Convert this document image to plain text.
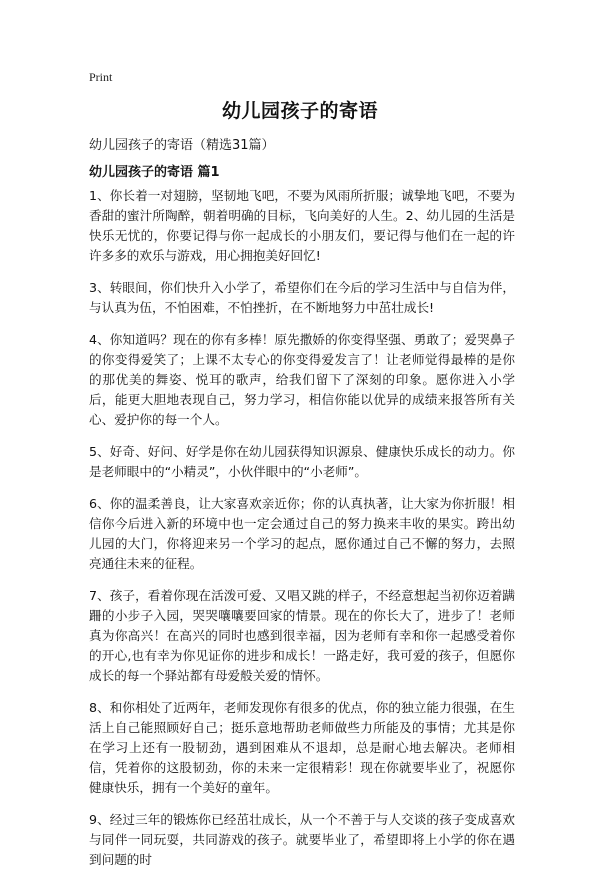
Print
幼儿园孩子的寄语

幼儿园孩子的寄语（精选31篇）

幼儿园孩子的寄语 篇1

1、你长着一对翅膀，坚韧地飞吧，不要为风雨所折服；诚挚地飞吧，不要为香甜的蜜汁所陶醉，朝着明确的目标，飞向美好的人生。2、幼儿园的生活是快乐无忧的，你要记得与你一起成长的小朋友们，要记得与他们在一起的许许多多的欢乐与游戏，用心拥抱美好回忆!

3、转眼间，你们快升入小学了，希望你们在今后的学习生活中与自信为伴，与认真为伍，不怕困难，不怕挫折，在不断地努力中茁壮成长!

4、你知道吗？现在的你有多棒！原先撒娇的你变得坚强、勇敢了；爱哭鼻子的你变得爱笑了；上课不太专心的你变得爱发言了！让老师觉得最棒的是你的那优美的舞姿、悦耳的歌声，给我们留下了深刻的印象。愿你进入小学后，能更大胆地表现自己，努力学习，相信你能以优异的成绩来报答所有关心、爱护你的每一个人。

5、好奇、好问、好学是你在幼儿园获得知识源泉、健康快乐成长的动力。你是老师眼中的“小精灵”，小伙伴眼中的“小老师”。

6、你的温柔善良，让大家喜欢亲近你；你的认真执著，让大家为你折服！相信你今后进入新的环境中也一定会通过自己的努力换来丰收的果实。跨出幼儿园的大门，你将迎来另一个学习的起点，愿你通过自己不懈的努力，去照亮通往未来的征程。

7、孩子，看着你现在活泼可爱、又唱又跳的样子，不经意想起当初你迈着蹒跚的小步子入园，哭哭嚷嚷要回家的情景。现在的你长大了，进步了！老师真为你高兴！在高兴的同时也感到很幸福，因为老师有幸和你一起感受着你的开心,也有幸为你见证你的进步和成长！一路走好，我可爱的孩子，但愿你成长的每一个驿站都有母爱般关爱的情怀。

8、和你相处了近两年，老师发现你有很多的优点，你的独立能力很强，在生活上自己能照顾好自己；挺乐意地帮助老师做些力所能及的事情；尤其是你在学习上还有一股韧劲，遇到困难从不退却，总是耐心地去解决。老师相信，凭着你的这股韧劲，你的未来一定很精彩！现在你就要毕业了，祝愿你健康快乐，拥有一个美好的童年。

9、经过三年的锻炼你已经茁壮成长，从一个不善于与人交谈的孩子变成喜欢与同伴一同玩耍，共同游戏的孩子。就要毕业了，希望即将上小学的你在遇到问题的时
